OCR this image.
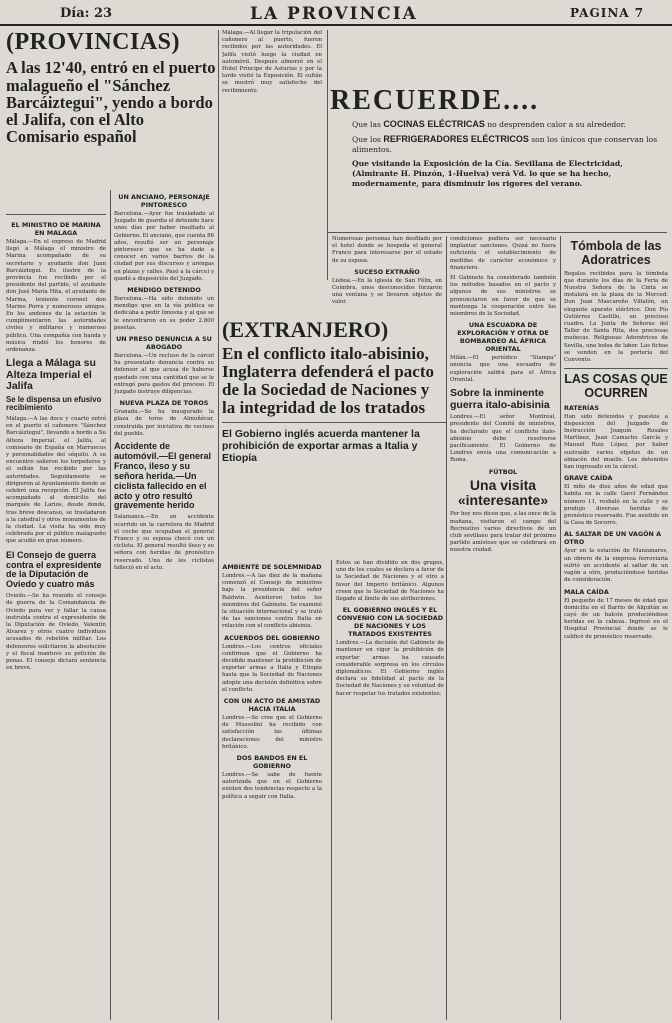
Día: 23	LA PROVINCIA	PAGINA 7
(PROVINCIAS)
A las 12'40, entró en el puerto malagueño el "Sánchez Barcáiztegui", yendo a bordo el Jalifa, con el Alto Comisario español
EL MINISTRO DE MARINA EN MALAGA

Málaga.—En el expreso de Madrid llegó a Málaga el ministro de Marina acompañado de su secretario y ayudante don Juan Barcáiztegui. Es ilustre de la provincia fue recibido por el presidente del partido, el ayudante don José María Hita, el ayudante de Marina, teniente coronel don Marino Porra y numerosos amigos. En los andenes de la estación le cumplimentaron las autoridades civiles y militares y numeroso público. Una compañía con banda y música rindió los honores de ordenanza.

Llega a Málaga su Alteza Imperial el Jalifa
Se le dispensa un efusivo recibimiento

Málaga.—A las doce y cuarto entró en el puerto el cañonero "Sánchez Barcáiztegui", llevando a bordo a Su Alteza Imperial, el Jalifa, al comisario de España en Marruecos y personalidades del séquito. A su encuentro salieron los torpederos y el sultán fue recibido por las autoridades. Seguidamente se dirigieron al Ayuntamiento donde se celebró una recepción. El Jalifa fue acompañado al domicilio del marqués de Larios, desde donde, tras breve descanso, se trasladaron a la catedral y otros monumentos de la ciudad. La visita ha sido muy celebrada por el público malagueño que acudió en gran número.

El Consejo de guerra contra el expresidente de la Diputación de Oviedo y cuatro más

Oviedo.—Se ha reunido el consejo de guerra de la Comandancia de Oviedo para ver y fallar la causa instruida contra el expresidente de la Diputación de Oviedo, Valentín Alvarez y otros cuatro individuos acusados de rebelión militar. Los defensores solicitaron la absolución y el fiscal mantuvo su petición de penas. El consejo dictará sentencia en breve.

UN ANCIANO, PERSONAJE PINTORESCO

Barcelona.—Ayer fue trasladado al Juzgado de guardia el detenido hace unos días por haber insultado al Gobierno. El anciano, que cuenta 86 años, resultó ser un personaje pintoresco que se ha dado a conocer en varios barrios de la ciudad por sus discursos y arengas en plazas y calles. Pasó a la cárcel y quedó a disposición del Juzgado.

MENDIGO DETENIDO

Barcelona.—Ha sido detenido un mendigo que en la vía pública se dedicaba a pedir limosna y al que se le encontraron en su poder 2.800 pesetas.

UN PRESO DENUNCIA A SU ABOGADO

Barcelona.—Un recluso de la cárcel ha presentado denuncia contra su defensor al que acusa de haberse quedado con una cantidad que se le entregó para gastos del proceso. El Juzgado instruye diligencias.

NUEVA PLAZA DE TOROS

Granada.—Se ha inaugurado la plaza de toros de Almuñécar, construida por iniciativa de vecinos del pueblo.

Accidente de automóvil.—El general Franco, ileso y su señora herida.—Un ciclista fallecido en el acto y otro resultó gravemente herido

Salamanca.—En un accidente ocurrido en la carretera de Madrid el coche que ocupaban el general Franco y su esposa chocó con un ciclista. El general resultó ileso y su señora con heridas de pronóstico reservado. Uno de los ciclistas falleció en el acto.

Málaga.—Al llegar la tripulación del cañonero al puerto, fueron recibidos por las autoridades. El Jalifa visitó luego la ciudad en automóvil. Después almorzó en el Hotel Príncipe de Asturias y por la tarde visitó la Exposición. El sultán se mostró muy satisfecho del recibimiento.

AMBIENTE DE SOLEMNIDAD

Londres.—A las diez de la mañana comenzó el Consejo de ministros bajo la presidencia del señor Baldwin. Asistieron todos los miembros del Gabinete. Se examinó la situación internacional y se trató de las sanciones contra Italia en relación con el conflicto abisinio.

ACUERDOS DEL GOBIERNO

Londres.—Los centros oficiales confirman que el Gobierno ha decidido mantener la prohibición de exportar armas a Italia y Etiopía hasta que la Sociedad de Naciones adopte una decisión definitiva sobre el conflicto.

CON UN ACTO DE AMISTAD HACIA ITALIA

Londres.—Se cree que el Gobierno de Mussolini ha recibido con satisfacción las últimas declaraciones del ministro británico.

DOS BANDOS EN EL GOBIERNO

Londres.—Se sabe de fuente autorizada que en el Gobierno existen dos tendencias respecto a la política a seguir con Italia.

RECUERDE....
Que las COCINAS ELÉCTRICAS no desprenden calor a su alrededor.
Que los REFRIGERADORES ELÉCTRICOS son los únicos que conservan los alimentos.
Que visitando la Exposición de la Cía. Sevillana de Electricidad, (Almirante H. Pinzón, 1-Huelva) verá Vd. lo que se ha hecho, modernamente, para disminuir los rigores del verano.

Numerosas personas han desfilado por el hotel donde se hospeda el general Franco para interesarse por el estado de su esposa.

SUCESO EXTRAÑO

Lisboa.—En la iglesia de San Félix, en Coimbra, unos desconocidos forzaron una ventana y se llevaron objetos de valor.

(EXTRANJERO)
En el conflicto italo-abisinio, Inglaterra defenderá el pacto de la Sociedad de Naciones y la integridad de los tratados
El Gobierno inglés acuerda mantener la prohibición de exportar armas a Italia y Etiopía

Estos se han dividido en dos grupos, uno de los cuales se declara a favor de la Sociedad de Naciones y el otro a favor del Imperio británico. Algunos creen que la Sociedad de Naciones ha llegado al límite de sus atribuciones.

EL GOBIERNO INGLÉS Y EL CONVENIO CON LA SOCIEDAD DE NACIONES Y LOS TRATADOS EXISTENTES

Londres.—La decisión del Gabinete de mantener en vigor la prohibición de exportar armas ha causado considerable sorpresa en los círculos diplomáticos. El Gobierno inglés declara su fidelidad al pacto de la Sociedad de Naciones y su voluntad de hacer respetar los tratados existentes.

condiciones pudiera ser necesario implantar sanciones. Quizá no fuera suficiente el establecimiento de medidas de carácter económico y financiero.

El Gabinete ha considerado también los métodos basados en el pacto y algunos de sus ministros se pronunciaron en favor de que se mantenga la cooperación entre los miembros de la Sociedad.

UNA ESCUADRA DE EXPLORACIÓN Y OTRA DE BOMBARDEO AL ÁFRICA ORIENTAL

Milán.—El periódico "Stampa" anuncia que una escuadra de exploración saldrá para el África Oriental.

Sobre la inminente guerra italo-abisinia

Londres.—El señor Montreal, presidente del Comité de ministros, ha declarado que el conflicto italo-abisinio debe resolverse pacíficamente. El Gobierno de Londres envía una comunicación a Roma.

FÚTBOL
Una visita «interesante»

Por hoy nos dicen que, a las once de la mañana, visitaron el campo del Recreativo varios directivos de un club sevillano para tratar del próximo partido amistoso que se celebrará en nuestra ciudad.

Tómbola de las Adoratrices

Regalos recibidos para la tómbola que durante los días de la Feria de Nuestra Señora de la Cinta se instalará en la plaza de la Merced: Don Juan Mascareño Villalón, un elegante aparato eléctrico. Don Pío Gutiérrez Castillo, un precioso cuadro. La Junta de Señoras del Taller de Santa Rita, dos preciosas muñecas. Religiosas Adoratrices de Sevilla, una bolsa de labor. Las fichas se venden en la portería del Convento.

LAS COSAS QUE OCURREN
RATERÍAS

Han sido detenidos y puestos a disposición del Juzgado de Instrucción Joaquín Rosales Martínez, Juan Camacho García y Manuel Ruiz López, por haber sustraído varios objetos de un almacén del muelle. Los detenidos han ingresado en la cárcel.

GRAVE CAÍDA

El niño de diez años de edad que habita en la calle Garcí Fernández número 11, resbaló en la calle y se produjo diversas heridas de pronóstico reservado. Fue asistido en la Casa de Socorro.

AL SALTAR DE UN VAGÓN A OTRO

Ayer en la estación de Manzanares, un obrero de la empresa ferroviaria sufrió un accidente al saltar de un vagón a otro, produciéndose heridas de consideración.

MALA CAÍDA

El pequeño de 17 meses de edad que domicilia en el Barrio de Alquitán se cayó de un balcón produciéndose heridas en la cabeza. Ingresó en el Hospital Provincial donde se le calificó de pronóstico reservado.
